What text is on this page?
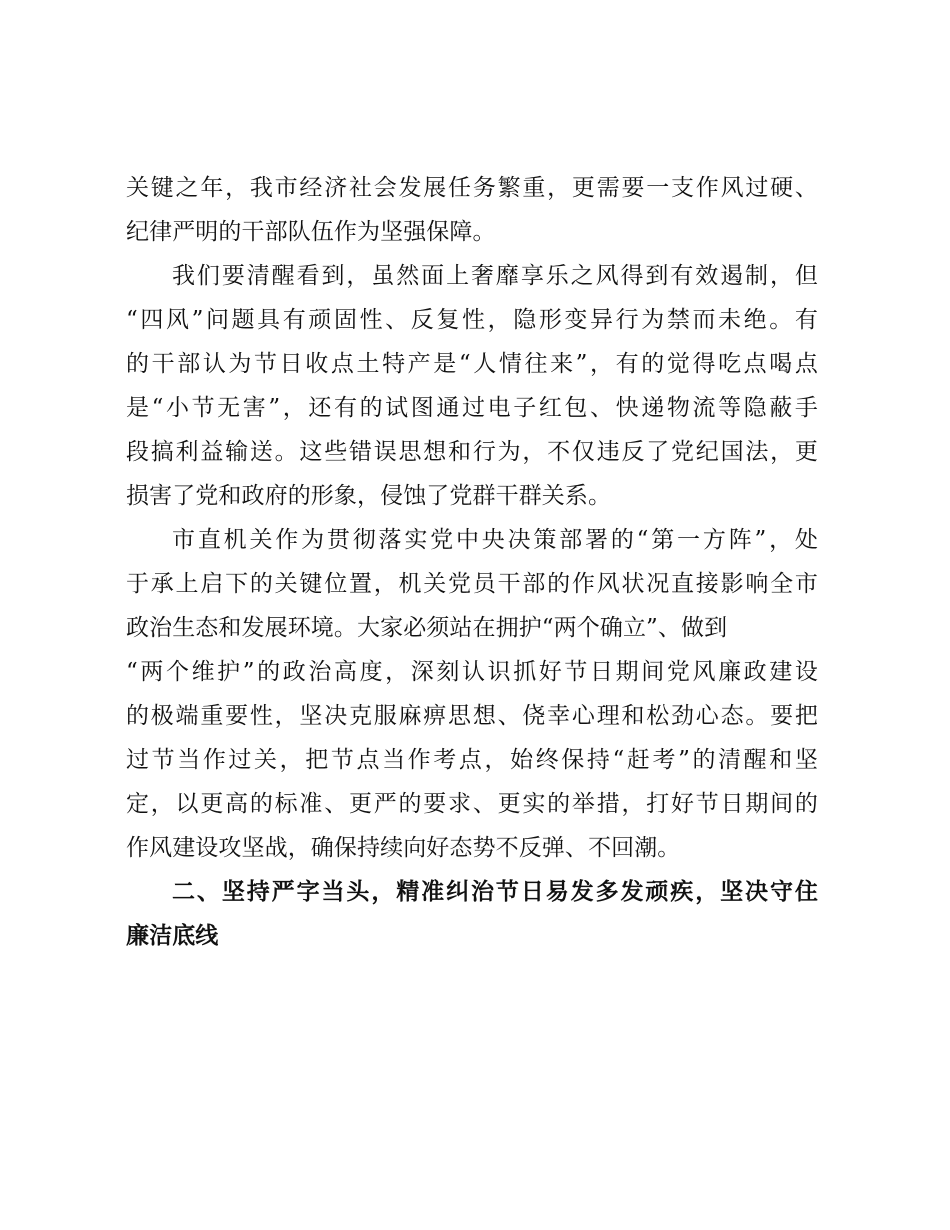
关键之年，我市经济社会发展任务繁重，更需要一支作风过硬、
纪律严明的干部队伍作为坚强保障。
我们要清醒看到，虽然面上奢靡享乐之风得到有效遏制，但
“四风”问题具有顽固性、反复性，隐形变异行为禁而未绝。有
的干部认为节日收点土特产是“人情往来”，有的觉得吃点喝点
是“小节无害”，还有的试图通过电子红包、快递物流等隐蔽手
段搞利益输送。这些错误思想和行为，不仅违反了党纪国法，更
损害了党和政府的形象，侵蚀了党群干群关系。
市直机关作为贯彻落实党中央决策部署的“第一方阵”，处
于承上启下的关键位置，机关党员干部的作风状况直接影响全市
政治生态和发展环境。大家必须站在拥护“两个确立”、做到
“两个维护”的政治高度，深刻认识抓好节日期间党风廉政建设
的极端重要性，坚决克服麻痹思想、侥幸心理和松劲心态。要把
过节当作过关，把节点当作考点，始终保持“赶考”的清醒和坚
定，以更高的标准、更严的要求、更实的举措，打好节日期间的
作风建设攻坚战，确保持续向好态势不反弹、不回潮。
二、坚持严字当头，精准纠治节日易发多发顽疾，坚决守住
廉洁底线
